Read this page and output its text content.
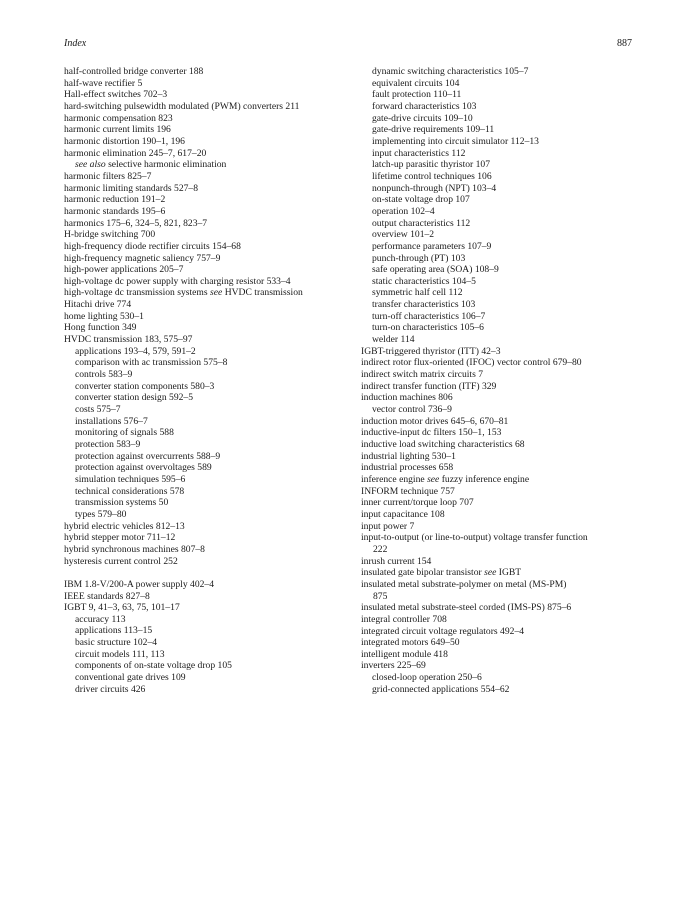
Index	887
half-controlled bridge converter 188
half-wave rectifier 5
Hall-effect switches 702–3
hard-switching pulsewidth modulated (PWM) converters 211
harmonic compensation 823
harmonic current limits 196
harmonic distortion 190–1, 196
harmonic elimination 245–7, 617–20
see also selective harmonic elimination
harmonic filters 825–7
harmonic limiting standards 527–8
harmonic reduction 191–2
harmonic standards 195–6
harmonics 175–6, 324–5, 821, 823–7
H-bridge switching 700
high-frequency diode rectifier circuits 154–68
high-frequency magnetic saliency 757–9
high-power applications 205–7
high-voltage dc power supply with charging resistor 533–4
high-voltage dc transmission systems see HVDC transmission
Hitachi drive 774
home lighting 530–1
Hong function 349
HVDC transmission 183, 575–97
applications 193–4, 579, 591–2
comparison with ac transmission 575–8
controls 583–9
converter station components 580–3
converter station design 592–5
costs 575–7
installations 576–7
monitoring of signals 588
protection 583–9
protection against overcurrents 588–9
protection against overvoltages 589
simulation techniques 595–6
technical considerations 578
transmission systems 50
types 579–80
hybrid electric vehicles 812–13
hybrid stepper motor 711–12
hybrid synchronous machines 807–8
hysteresis current control 252
IBM 1.8-V/200-A power supply 402–4
IEEE standards 827–8
IGBT 9, 41–3, 63, 75, 101–17
accuracy 113
applications 113–15
basic structure 102–4
circuit models 111, 113
components of on-state voltage drop 105
conventional gate drives 109
driver circuits 426
dynamic switching characteristics 105–7
equivalent circuits 104
fault protection 110–11
forward characteristics 103
gate-drive circuits 109–10
gate-drive requirements 109–11
implementing into circuit simulator 112–13
input characteristics 112
latch-up parasitic thyristor 107
lifetime control techniques 106
nonpunch-through (NPT) 103–4
on-state voltage drop 107
operation 102–4
output characteristics 112
overview 101–2
performance parameters 107–9
punch-through (PT) 103
safe operating area (SOA) 108–9
static characteristics 104–5
symmetric half cell 112
transfer characteristics 103
turn-off characteristics 106–7
turn-on characteristics 105–6
welder 114
IGBT-triggered thyristor (ITT) 42–3
indirect rotor flux-oriented (IFOC) vector control 679–80
indirect switch matrix circuits 7
indirect transfer function (ITF) 329
induction machines 806
vector control 736–9
induction motor drives 645–6, 670–81
inductive-input dc filters 150–1, 153
inductive load switching characteristics 68
industrial lighting 530–1
industrial processes 658
inference engine see fuzzy inference engine
INFORM technique 757
inner current/torque loop 707
input capacitance 108
input power 7
input-to-output (or line-to-output) voltage transfer function
222
inrush current 154
insulated gate bipolar transistor see IGBT
insulated metal substrate-polymer on metal (MS-PM)
875
insulated metal substrate-steel corded (IMS-PS) 875–6
integral controller 708
integrated circuit voltage regulators 492–4
integrated motors 649–50
intelligent module 418
inverters 225–69
closed-loop operation 250–6
grid-connected applications 554–62
